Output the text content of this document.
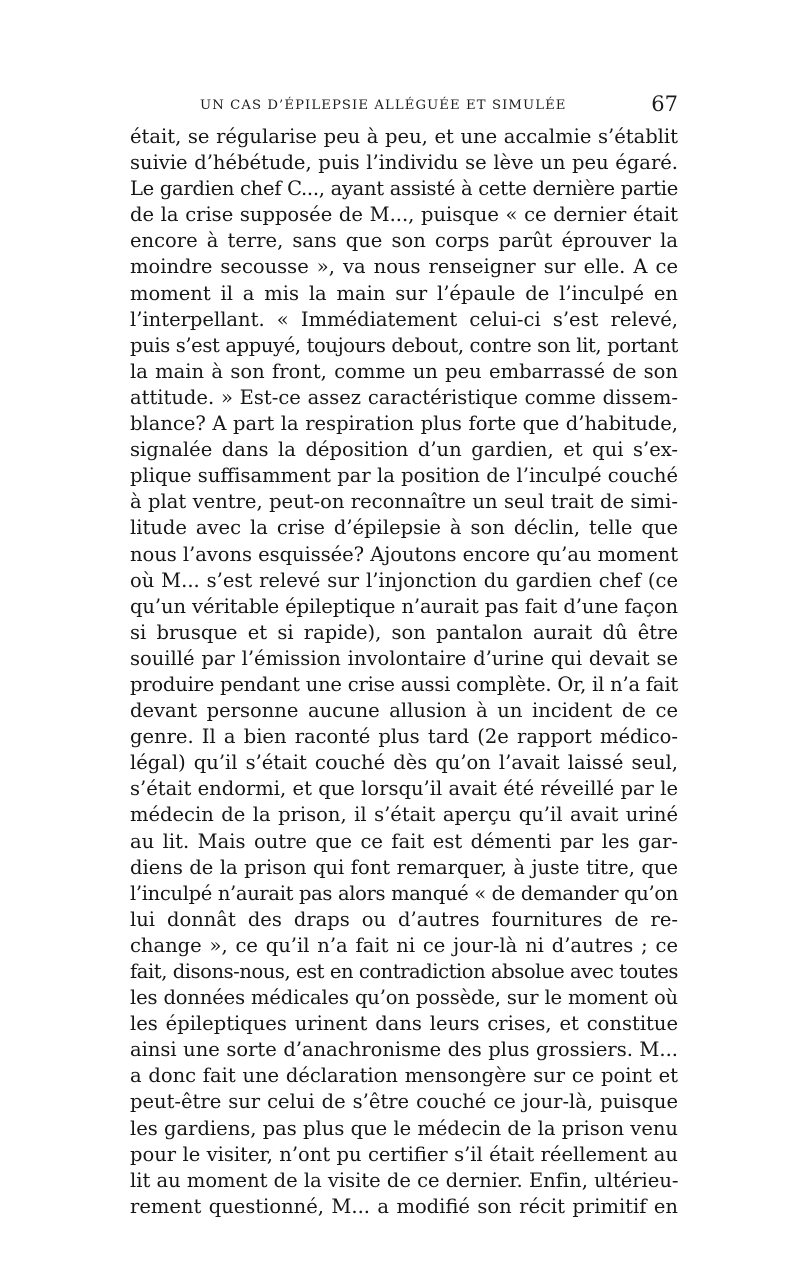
UN CAS D’ÉPILEPSIE ALLÉGUÉE ET SIMULÉE	67
était, se régularise peu à peu, et une accalmie s’établit
suivie d’hébétude, puis l’individu se lève un peu égaré.
Le gardien chef C..., ayant assisté à cette dernière partie
de la crise supposée de M..., puisque « ce dernier était
encore à terre, sans que son corps parût éprouver la
moindre secousse », va nous renseigner sur elle. A ce
moment il a mis la main sur l’épaule de l’inculpé en
l’interpellant. « Immédiatement celui-ci s’est relevé,
puis s’est appuyé, toujours debout, contre son lit, portant
la main à son front, comme un peu embarrassé de son
attitude. » Est-ce assez caractéristique comme dissem-
blance? A part la respiration plus forte que d’habitude,
signalée dans la déposition d’un gardien, et qui s’ex-
plique suffisamment par la position de l’inculpé couché
à plat ventre, peut-on reconnaître un seul trait de simi-
litude avec la crise d’épilepsie à son déclin, telle que
nous l’avons esquissée? Ajoutons encore qu’au moment
où M... s’est relevé sur l’injonction du gardien chef (ce
qu’un véritable épileptique n’aurait pas fait d’une façon
si brusque et si rapide), son pantalon aurait dû être
souillé par l’émission involontaire d’urine qui devait se
produire pendant une crise aussi complète. Or, il n’a fait
devant personne aucune allusion à un incident de ce
genre. Il a bien raconté plus tard (2e rapport médico-
légal) qu’il s’était couché dès qu’on l’avait laissé seul,
s’était endormi, et que lorsqu’il avait été réveillé par le
médecin de la prison, il s’était aperçu qu’il avait uriné
au lit. Mais outre que ce fait est démenti par les gar-
diens de la prison qui font remarquer, à juste titre, que
l’inculpé n’aurait pas alors manqué « de demander qu’on
lui donnât des draps ou d’autres fournitures de re-
change », ce qu’il n’a fait ni ce jour-là ni d’autres ; ce
fait, disons-nous, est en contradiction absolue avec toutes
les données médicales qu’on possède, sur le moment où
les épileptiques urinent dans leurs crises, et constitue
ainsi une sorte d’anachronisme des plus grossiers. M...
a donc fait une déclaration mensongère sur ce point et
peut-être sur celui de s’être couché ce jour-là, puisque
les gardiens, pas plus que le médecin de la prison venu
pour le visiter, n’ont pu certifier s’il était réellement au
lit au moment de la visite de ce dernier. Enfin, ultérieu-
rement questionné, M... a modifié son récit primitif en
